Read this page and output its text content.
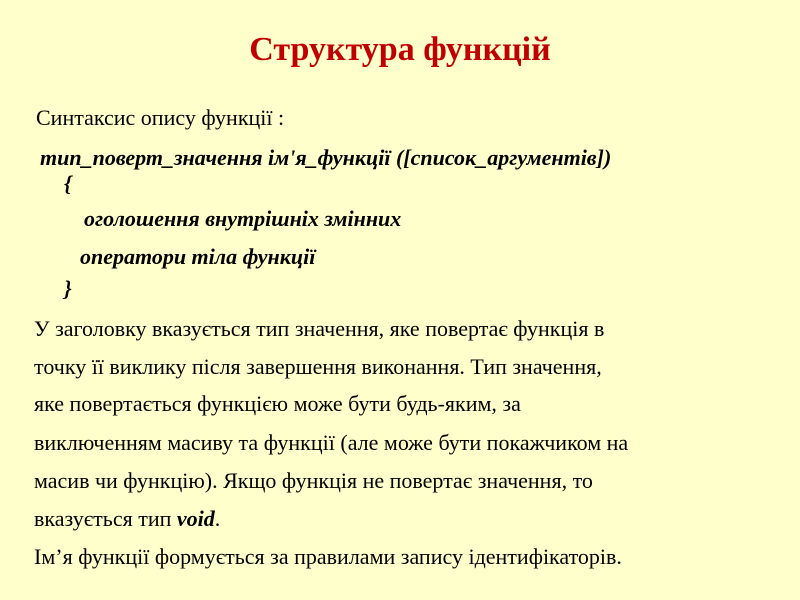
Структура функцій
Синтаксис опису функції :
тип_поверт_значення ім'я_функції ([список_аргументів])
{
оголошення внутрішніх змінних
оператори тіла функції
}
У заголовку вказується тип значення, яке повертає функція в
точку її виклику після завершення виконання. Тип значення,
яке повертається функцією може бути будь-яким, за
виключенням масиву та функції (але може бути покажчиком на
масив чи функцію). Якщо функція не повертає значення, то
вказується тип void.
Ім’я функції формується за правилами запису ідентифікаторів.
